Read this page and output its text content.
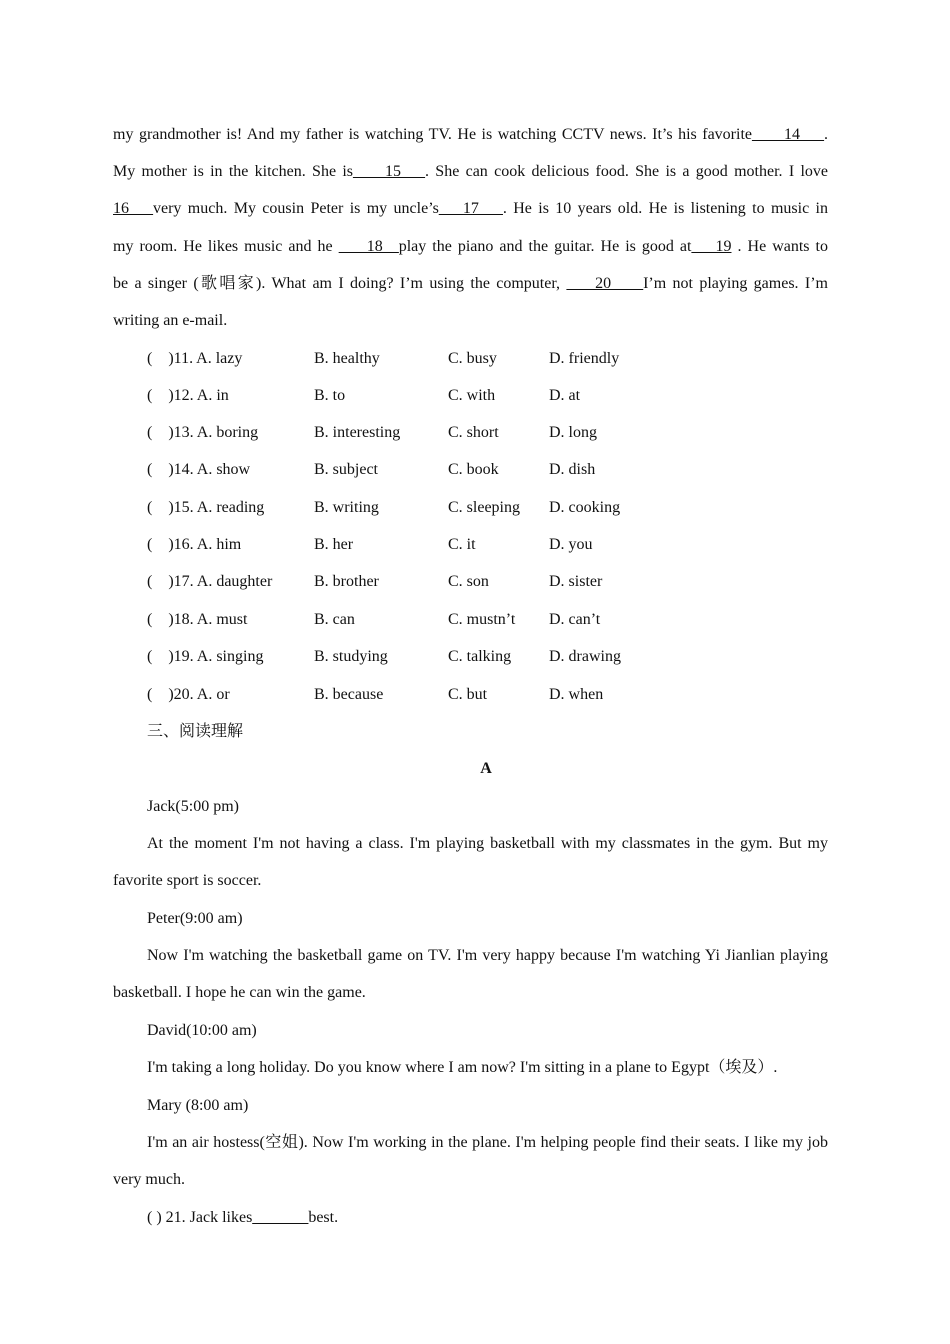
my grandmother is! And my father is watching TV. He is watching CCTV news. It’s his favorite____14___.
My mother is in the kitchen. She is____15___. She can cook delicious food. She is a good mother. I love
16___very much. My cousin Peter is my uncle’s___17___. He is 10 years old. He is listening to music in
my room. He likes music and he   __18__play the piano and the guitar. He is good at___19 . He wants to
be a singer (歌唱家). What am I doing? I’m using the computer,   __20____I’m not playing games. I’m
writing an e-mail.
(    )11. A. lazy	B. healthy	C. busy	D. friendly
(    )12. A. in	B. to	C. with	D. at
(    )13. A. boring	B. interesting	C. short	D. long
(    )14. A. show	B. subject	C. book	D. dish
(    )15. A. reading	B. writing	C. sleeping D. cooking
(    )16. A. him	B. her	C. it	D. you
(    )17. A. daughter	B. brother	C. son	D. sister
(    )18. A. must	B. can	C. mustn’t D. can’t
(    )19. A. singing	B. studying	C. talking D. drawing
(    )20. A. or	B. because	C. but	D. when
三、阅读理解
A
Jack(5:00 pm)
At the moment I'm not having a class. I'm playing basketball with my classmates in the gym. But my favorite sport is soccer.
Peter(9:00 am)
Now I'm watching the basketball game on TV. I'm very happy because I'm watching Yi Jianlian playing basketball. I hope he can win the game.
David(10:00 am)
I'm taking a long holiday. Do you know where I am now? I'm sitting in a plane to Egypt（埃及）.
Mary (8:00 am)
I'm an air hostess(空姐). Now I'm working in the plane. I'm helping people find their seats. I like my job very much.
( ) 21. Jack likes_______best.
